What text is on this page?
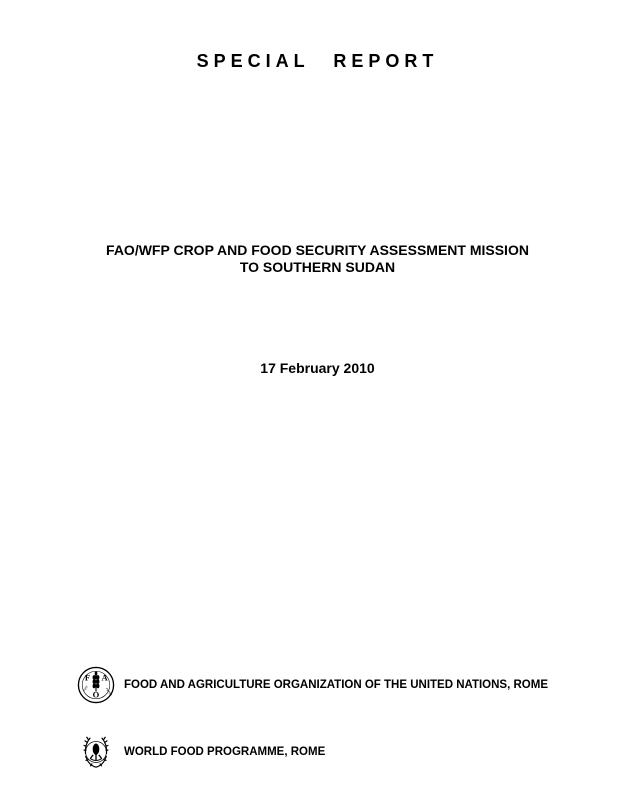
SPECIAL REPORT
FAO/WFP CROP AND FOOD SECURITY ASSESSMENT MISSION
TO SOUTHERN SUDAN
17 February 2010
F A
O
FIAT	PANIS
FOOD AND AGRICULTURE ORGANIZATION OF THE UNITED NATIONS, ROME
WORLD FOOD PROGRAMME, ROME
